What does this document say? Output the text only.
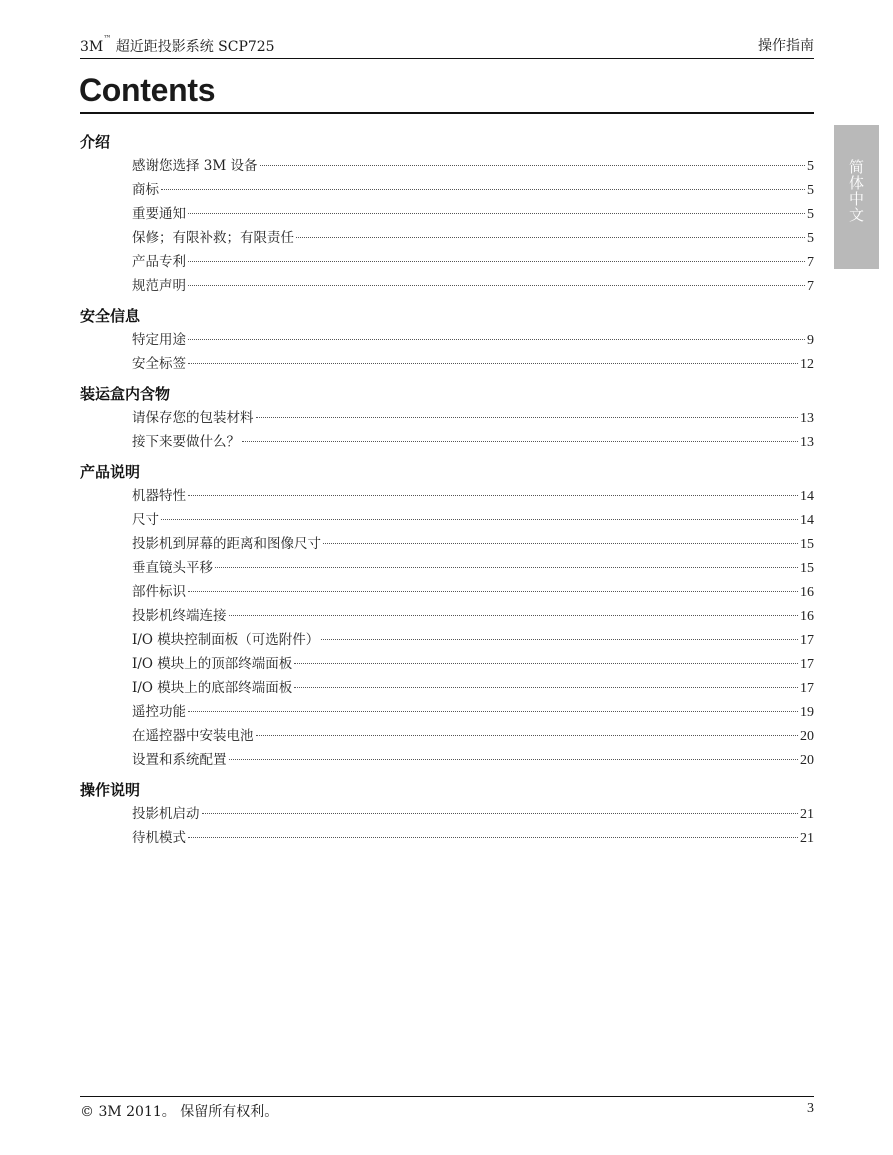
3M™ 超近距投影系统 SCP725	操作指南
Contents
简体中文
介绍
感谢您选择 3M 设备	5
商标	5
重要通知	5
保修；有限补救；有限责任	5
产品专利	7
规范声明	7
安全信息
特定用途	9
安全标签	12
装运盒内含物
请保存您的包装材料	13
接下来要做什么？	13
产品说明
机器特性	14
尺寸	14
投影机到屏幕的距离和图像尺寸	15
垂直镜头平移	15
部件标识	16
投影机终端连接	16
I/O 模块控制面板（可选附件）	17
I/O 模块上的顶部终端面板	17
I/O 模块上的底部终端面板	17
遥控功能	19
在遥控器中安装电池	20
设置和系统配置	20
操作说明
投影机启动	21
待机模式	21
© 3M 2011。 保留所有权利。	3
